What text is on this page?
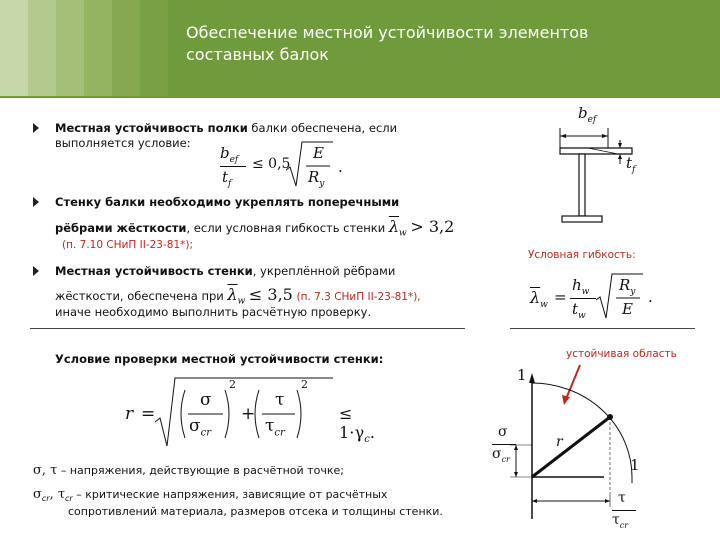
Обеспечение местной устойчивости элементов
составных балок
Местная устойчивость полки балки обеспечена, если
выполняется условие:
$b_{ef}$
$t_f$
≤ 0,5
E
$R_y$
.
$b_{ef}$
$t_f$
Стенку балки необходимо укреплять поперечными
рёбрами жёсткости, если условная гибкость стенки $\overline{\lambda}_w > 3,2$
(п. 7.10 СНиП II-23-81*);
Условная гибкость:
Местная устойчивость стенки, укреплённой рёбрами
жёсткости, обеспечена при $\overline{\lambda}_w \le 3,5$ (п. 7.3 СНиП II-23-81*),
иначе необходимо выполнить расчётную проверку.
$\overline{\lambda}_w$ =
$h_w$
$t_w$
$R_y$
E
.
Условие проверки местной устойчивости стенки:
r =
σ
$\sigma_{cr}$
2
+
τ
$\tau_{cr}$
2
≤ $1\cdot\gamma_c$.
σ, τ – напряжения, действующие в расчётной точке;
$\sigma_{cr}$, $\tau_{cr}$ – критические напряжения, зависящие от расчётных
сопротивлений материала, размеров отсека и толщины стенки.
устойчивая область
1
1
r
σ
$\sigma_{cr}$
τ
$\tau_{cr}$
